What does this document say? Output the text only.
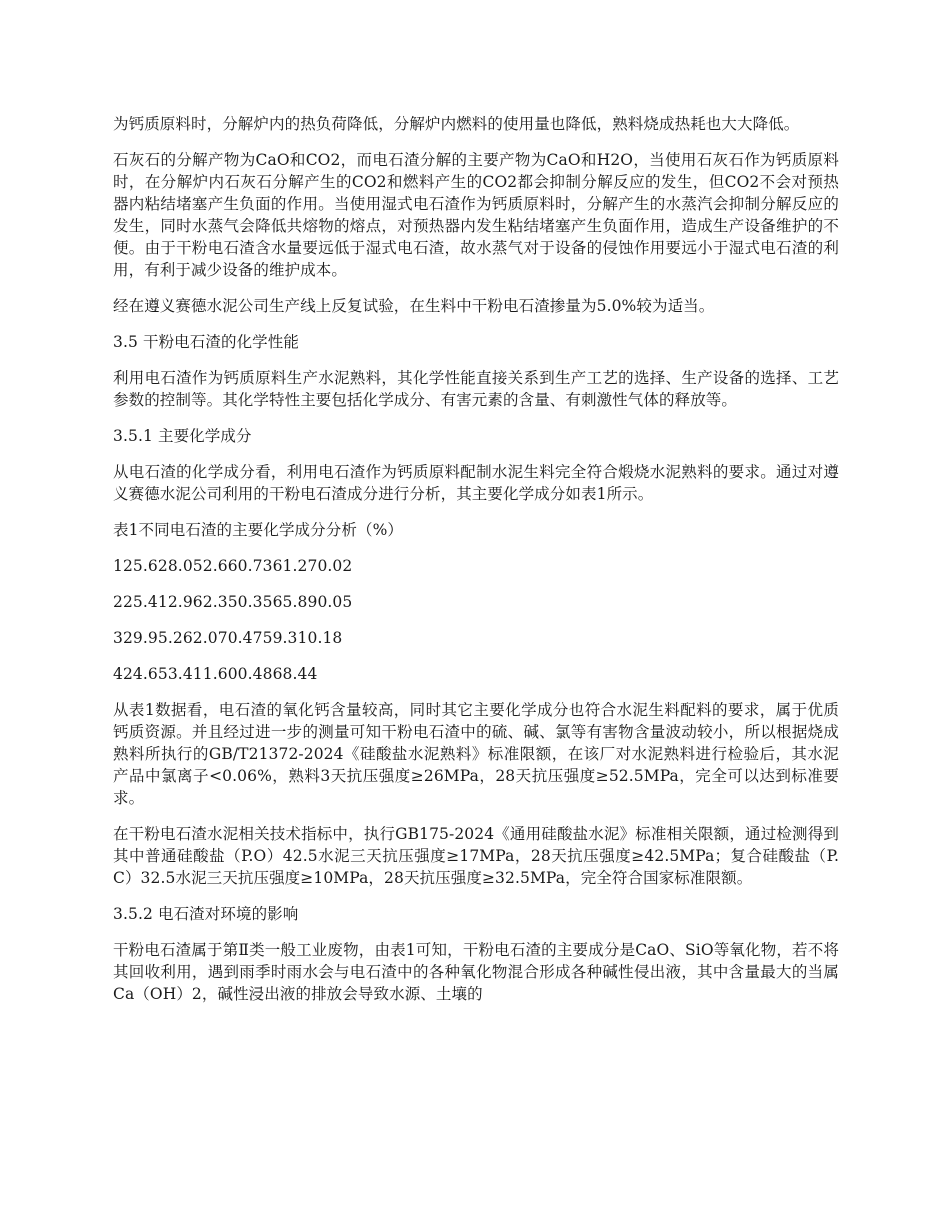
为钙质原料时，分解炉内的热负荷降低，分解炉内燃料的使用量也降低，熟料烧成热耗也大大降低。

石灰石的分解产物为CaO和CO2，而电石渣分解的主要产物为CaO和H2O，当使用石灰石作为钙质原料时，在分解炉内石灰石分解产生的CO2和燃料产生的CO2都会抑制分解反应的发生，但CO2不会对预热器内粘结堵塞产生负面的作用。当使用湿式电石渣作为钙质原料时，分解产生的水蒸汽会抑制分解反应的发生，同时水蒸气会降低共熔物的熔点，对预热器内发生粘结堵塞产生负面作用，造成生产设备维护的不便。由于干粉电石渣含水量要远低于湿式电石渣，故水蒸气对于设备的侵蚀作用要远小于湿式电石渣的利用，有利于减少设备的维护成本。

经在遵义赛德水泥公司生产线上反复试验，在生料中干粉电石渣掺量为5.0%较为适当。

3.5 干粉电石渣的化学性能

利用电石渣作为钙质原料生产水泥熟料，其化学性能直接关系到生产工艺的选择、生产设备的选择、工艺参数的控制等。其化学特性主要包括化学成分、有害元素的含量、有刺激性气体的释放等。

3.5.1 主要化学成分

从电石渣的化学成分看，利用电石渣作为钙质原料配制水泥生料完全符合煅烧水泥熟料的要求。通过对遵义赛德水泥公司利用的干粉电石渣成分进行分析，其主要化学成分如表1所示。

表1不同电石渣的主要化学成分分析（%）

125.628.052.660.7361.270.02

225.412.962.350.3565.890.05

329.95.262.070.4759.310.18

424.653.411.600.4868.44

从表1数据看，电石渣的氧化钙含量较高，同时其它主要化学成分也符合水泥生料配料的要求，属于优质钙质资源。并且经过进一步的测量可知干粉电石渣中的硫、碱、氯等有害物含量波动较小，所以根据烧成熟料所执行的GB/T21372-2024《硅酸盐水泥熟料》标准限额，在该厂对水泥熟料进行检验后，其水泥产品中氯离子<0.06%，熟料3天抗压强度≥26MPa，28天抗压强度≥52.5MPa，完全可以达到标准要求。

在干粉电石渣水泥相关技术指标中，执行GB175-2024《通用硅酸盐水泥》标准相关限额，通过检测得到其中普通硅酸盐（P.O）42.5水泥三天抗压强度≥17MPa，28天抗压强度≥42.5MPa；复合硅酸盐（P.C）32.5水泥三天抗压强度≥10MPa，28天抗压强度≥32.5MPa，完全符合国家标准限额。

3.5.2 电石渣对环境的影响

干粉电石渣属于第Ⅱ类一般工业废物，由表1可知，干粉电石渣的主要成分是CaO、SiO等氧化物，若不将其回收利用，遇到雨季时雨水会与电石渣中的各种氧化物混合形成各种碱性侵出液，其中含量最大的当属Ca（OH）2，碱性浸出液的排放会导致水源、土壤的
